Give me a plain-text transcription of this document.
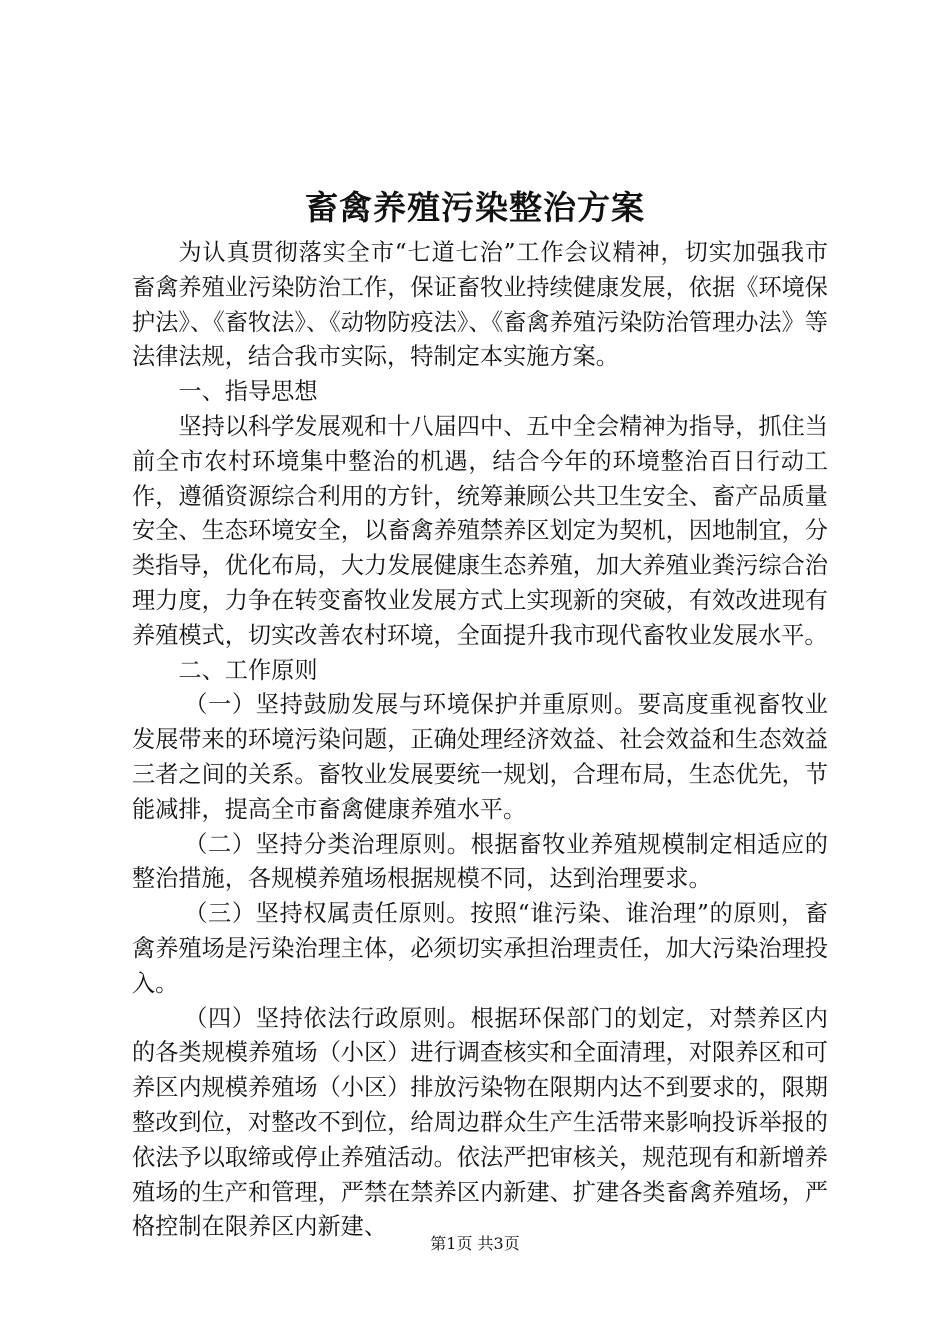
畜禽养殖污染整治方案

为认真贯彻落实全市“七道七治”工作会议精神，切实加强我市畜禽养殖业污染防治工作，保证畜牧业持续健康发展，依据《环境保护法》、《畜牧法》、《动物防疫法》、《畜禽养殖污染防治管理办法》等法律法规，结合我市实际，特制定本实施方案。

一、指导思想

坚持以科学发展观和十八届四中、五中全会精神为指导，抓住当前全市农村环境集中整治的机遇，结合今年的环境整治百日行动工作，遵循资源综合利用的方针，统筹兼顾公共卫生安全、畜产品质量安全、生态环境安全，以畜禽养殖禁养区划定为契机，因地制宜，分类指导，优化布局，大力发展健康生态养殖，加大养殖业粪污综合治理力度，力争在转变畜牧业发展方式上实现新的突破，有效改进现有养殖模式，切实改善农村环境，全面提升我市现代畜牧业发展水平。

二、工作原则

（一）坚持鼓励发展与环境保护并重原则。要高度重视畜牧业发展带来的环境污染问题，正确处理经济效益、社会效益和生态效益三者之间的关系。畜牧业发展要统一规划，合理布局，生态优先，节能减排，提高全市畜禽健康养殖水平。

（二）坚持分类治理原则。根据畜牧业养殖规模制定相适应的整治措施，各规模养殖场根据规模不同，达到治理要求。

（三）坚持权属责任原则。按照“谁污染、谁治理”的原则，畜禽养殖场是污染治理主体，必须切实承担治理责任，加大污染治理投入。

（四）坚持依法行政原则。根据环保部门的划定，对禁养区内的各类规模养殖场（小区）进行调查核实和全面清理，对限养区和可养区内规模养殖场（小区）排放污染物在限期内达不到要求的，限期整改到位，对整改不到位，给周边群众生产生活带来影响投诉举报的依法予以取缔或停止养殖活动。依法严把审核关，规范现有和新增养殖场的生产和管理，严禁在禁养区内新建、扩建各类畜禽养殖场，严格控制在限养区内新建、

第1页 共3页
